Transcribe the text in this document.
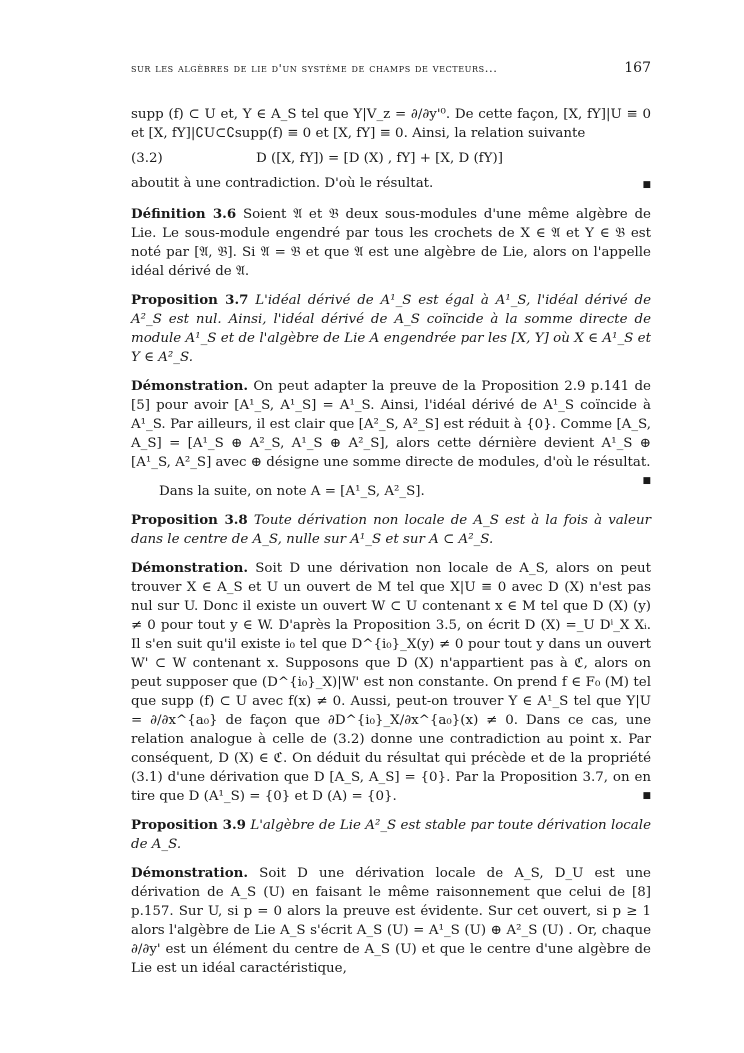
sur les algèbres de lie d'un système de champs de vecteurs...	167

supp (f) ⊂ U et, Y ∈ A_S tel que Y|V_z = ∂/∂y'⁰. De cette façon, [X, fY]|U ≡ 0 et [X, fY]|∁U⊂∁supp(f) ≡ 0 et [X, fY] ≡ 0. Ainsi, la relation suivante

(3.2)	D ([X, fY]) = [D (X) , fY] + [X, D (fY)]
aboutit à une contradiction. D'où le résultat.	■

Définition 3.6 Soient 𝔄 et 𝔅 deux sous-modules d'une même algèbre de Lie. Le sous-module engendré par tous les crochets de X ∈ 𝔄 et Y ∈ 𝔅 est noté par [𝔄, 𝔅]. Si 𝔄 = 𝔅 et que 𝔄 est une algèbre de Lie, alors on l'appelle idéal dérivé de 𝔄.

Proposition 3.7 L'idéal dérivé de A¹_S est égal à A¹_S, l'idéal dérivé de A²_S est nul. Ainsi, l'idéal dérivé de A_S coïncide à la somme directe de module A¹_S et de l'algèbre de Lie A engendrée par les [X, Y] où X ∈ A¹_S et Y ∈ A²_S.

Démonstration. On peut adapter la preuve de la Proposition 2.9 p.141 de [5] pour avoir [A¹_S, A¹_S] = A¹_S. Ainsi, l'idéal dérivé de A¹_S coïncide à A¹_S. Par ailleurs, il est clair que [A²_S, A²_S] est réduit à {0}. Comme [A_S, A_S] = [A¹_S ⊕ A²_S, A¹_S ⊕ A²_S], alors cette dérnière devient A¹_S ⊕ [A¹_S, A²_S] avec ⊕ désigne une somme directe de modules, d'où le résultat.
■

Dans la suite, on note A = [A¹_S, A²_S].

Proposition 3.8 Toute dérivation non locale de A_S est à la fois à valeur dans le centre de A_S, nulle sur A¹_S et sur A ⊂ A²_S.

Démonstration. Soit D une dérivation non locale de A_S, alors on peut trouver X ∈ A_S et U un ouvert de M tel que X|U ≡ 0 avec D (X) n'est pas nul sur U. Donc il existe un ouvert W ⊂ U contenant x ∈ M tel que D (X) (y) ≠ 0 pour tout y ∈ W. D'après la Proposition 3.5, on écrit D (X) =_U Dⁱ_X Xᵢ. Il s'en suit qu'il existe i₀ tel que D^{i₀}_X(y) ≠ 0 pour tout y dans un ouvert W' ⊂ W contenant x. Supposons que D (X) n'appartient pas à ℭ, alors on peut supposer que (D^{i₀}_X)|W' est non constante. On prend f ∈ F₀ (M) tel que supp (f) ⊂ U avec f(x) ≠ 0. Aussi, peut-on trouver Y ∈ A¹_S tel que Y|U = ∂/∂x^{a₀} de façon que ∂D^{i₀}_X/∂x^{a₀}(x) ≠ 0. Dans ce cas, une relation analogue à celle de (3.2) donne une contradiction au point x. Par conséquent, D (X) ∈ ℭ. On déduit du résultat qui précède et de la propriété (3.1) d'une dérivation que D [A_S, A_S] = {0}. Par la Proposition 3.7, on en tire que D (A¹_S) = {0} et D (A) = {0}.	■

Proposition 3.9 L'algèbre de Lie A²_S est stable par toute dérivation locale de A_S.

Démonstration. Soit D une dérivation locale de A_S, D_U est une dérivation de A_S (U) en faisant le même raisonnement que celui de [8] p.157. Sur U, si p = 0 alors la preuve est évidente. Sur cet ouvert, si p ≥ 1 alors l'algèbre de Lie A_S s'écrit A_S (U) = A¹_S (U) ⊕ A²_S (U) . Or, chaque ∂/∂y' est un élément du centre de A_S (U) et que le centre d'une algèbre de Lie est un idéal caractéristique,
